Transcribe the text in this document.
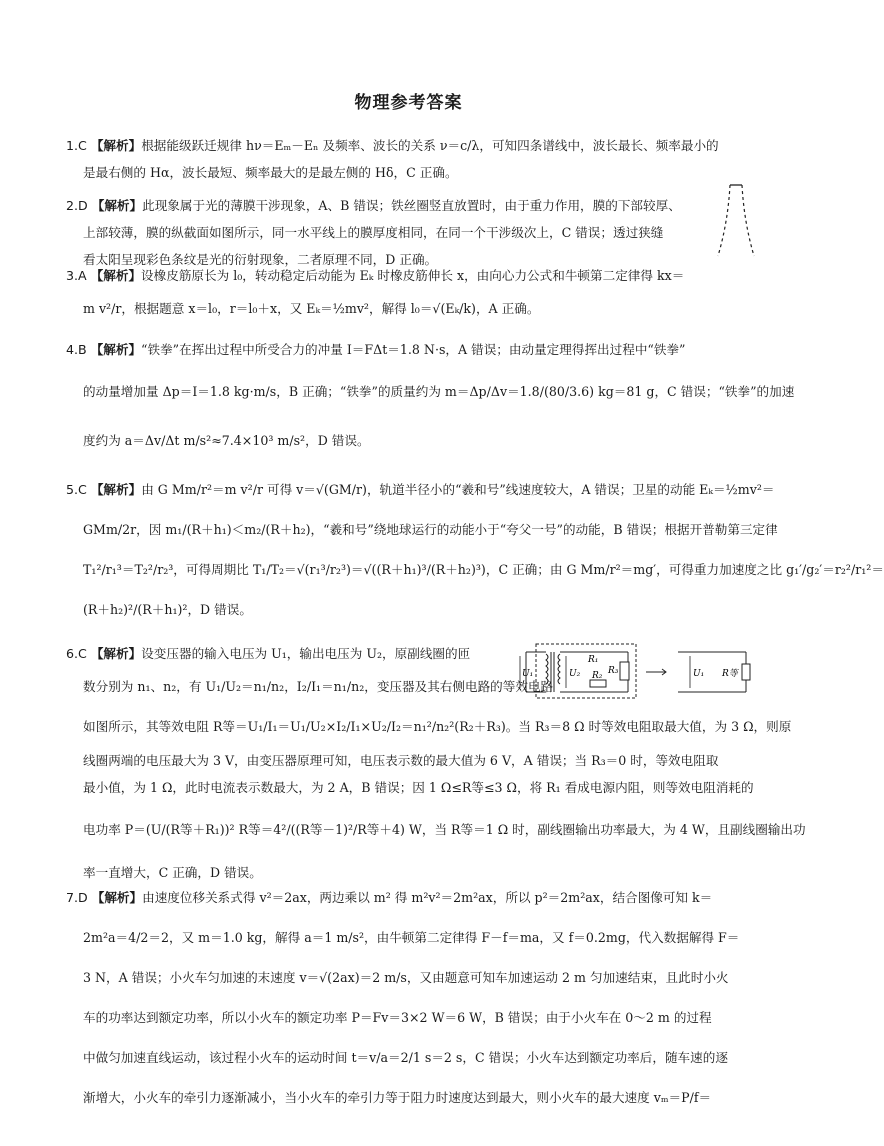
物理参考答案
1.C 【解析】根据能级跃迁规律 hν＝Eₘ－Eₙ 及频率、波长的关系 ν＝c/λ，可知四条谱线中，波长最长、频率最小的
是最右侧的 Hα，波长最短、频率最大的是最左侧的 Hδ，C 正确。
2.D 【解析】此现象属于光的薄膜干涉现象，A、B 错误；铁丝圈竖直放置时，由于重力作用，膜的下部较厚、
上部较薄，膜的纵截面如图所示，同一水平线上的膜厚度相同，在同一个干涉级次上，C 错误；透过狭缝
看太阳呈现彩色条纹是光的衍射现象，二者原理不同，D 正确。
3.A 【解析】设橡皮筋原长为 l₀，转动稳定后动能为 Eₖ 时橡皮筋伸长 x，由向心力公式和牛顿第二定律得 kx＝
m v²/r，根据题意 x＝l₀，r＝l₀＋x，又 Eₖ＝½mv²，解得 l₀＝√(Eₖ/k)，A 正确。
4.B 【解析】“铁拳”在挥出过程中所受合力的冲量 I＝FΔt＝1.8 N·s，A 错误；由动量定理得挥出过程中“铁拳”
的动量增加量 Δp＝I＝1.8 kg·m/s，B 正确；“铁拳”的质量约为 m＝Δp/Δv＝1.8/(80/3.6) kg＝81 g，C 错误；“铁拳”的加速
度约为 a＝Δv/Δt m/s²≈7.4×10³ m/s²，D 错误。
5.C 【解析】由 G Mm/r²＝m v²/r 可得 v＝√(GM/r)，轨道半径小的“羲和号”线速度较大，A 错误；卫星的动能 Eₖ＝½mv²＝
GMm/2r，因 m₁/(R＋h₁)＜m₂/(R＋h₂)，“羲和号”绕地球运行的动能小于“夸父一号”的动能，B 错误；根据开普勒第三定律
T₁²/r₁³＝T₂²/r₂³，可得周期比 T₁/T₂＝√(r₁³/r₂³)＝√((R＋h₁)³/(R＋h₂)³)，C 正确；由 G Mm/r²＝mg′，可得重力加速度之比 g₁′/g₂′＝r₂²/r₁²＝
(R＋h₂)²/(R＋h₁)²，D 错误。
6.C 【解析】设变压器的输入电压为 U₁，输出电压为 U₂，原副线圈的匝
数分别为 n₁、n₂，有 U₁/U₂＝n₁/n₂，I₂/I₁＝n₁/n₂，变压器及其右侧电路的等效电路
如图所示，其等效电阻 R等＝U₁/I₁＝U₁/U₂×I₂/I₁×U₂/I₂＝n₁²/n₂²(R₂＋R₃)。当 R₃＝8 Ω 时等效电阻取最大值，为 3 Ω，则原
线圈两端的电压最大为 3 V，由变压器原理可知，电压表示数的最大值为 6 V，A 错误；当 R₃＝0 时，等效电阻取
最小值，为 1 Ω，此时电流表示数最大，为 2 A，B 错误；因 1 Ω≤R等≤3 Ω，将 R₁ 看成电源内阻，则等效电阻消耗的
电功率 P＝(U/(R等＋R₁))² R等＝4²/((R等－1)²/R等＋4) W，当 R等＝1 Ω 时，副线圈输出功率最大，为 4 W，且副线圈输出功
率一直增大，C 正确，D 错误。
U₁	U₂
R₁
R₂ R₃	U₁ R等
7.D 【解析】由速度位移关系式得 v²＝2ax，两边乘以 m² 得 m²v²＝2m²ax，所以 p²＝2m²ax，结合图像可知 k＝
2m²a＝4/2＝2，又 m＝1.0 kg，解得 a＝1 m/s²，由牛顿第二定律得 F－f＝ma，又 f＝0.2mg，代入数据解得 F＝
3 N，A 错误；小火车匀加速的末速度 v＝√(2ax)＝2 m/s，又由题意可知车加速运动 2 m 匀加速结束，且此时小火
车的功率达到额定功率，所以小火车的额定功率 P＝Fv＝3×2 W＝6 W，B 错误；由于小火车在 0～2 m 的过程
中做匀加速直线运动，该过程小火车的运动时间 t＝v/a＝2/1 s＝2 s，C 错误；小火车达到额定功率后，随车速的逐
渐增大，小火车的牵引力逐渐减小，当小火车的牵引力等于阻力时速度达到最大，则小火车的最大速度 vₘ＝P/f＝
